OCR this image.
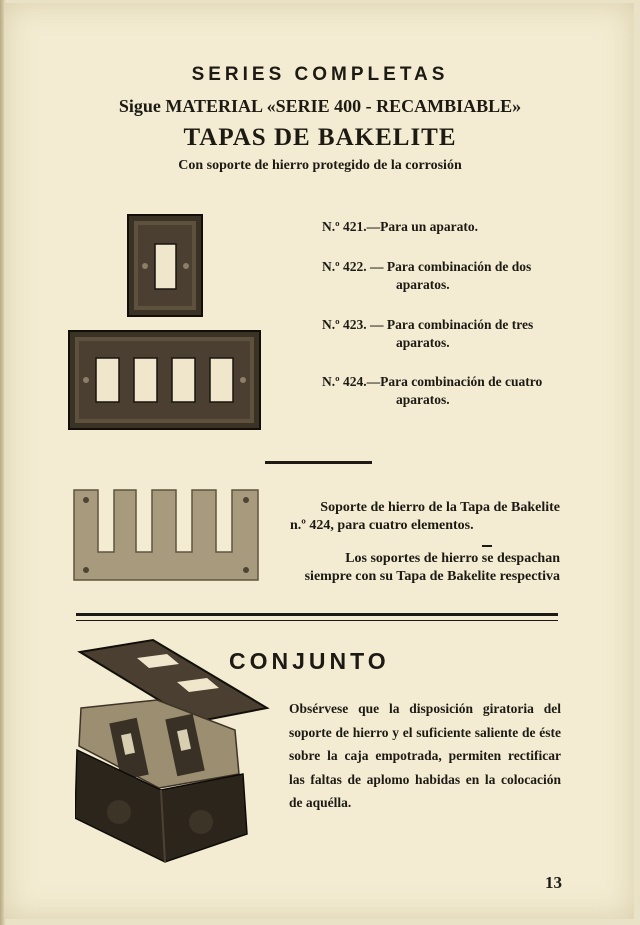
SERIES COMPLETAS
Sigue MATERIAL «SERIE 400 - RECAMBIABLE»
TAPAS DE BAKELITE
Con soporte de hierro protegido de la corrosión
N.º 421.—Para un aparato.
N.º 422. — Para combinación de dos
aparatos.
N.º 423. — Para combinación de tres
aparatos.
N.º 424.—Para combinación de cuatro
aparatos.
Soporte de hierro de la Tapa de Bakelite
n.º 424, para cuatro elementos.
Los soportes de hierro se despachan
siempre con su Tapa de Bakelite respectiva
CONJUNTO
Obsérvese que la disposición giratoria del soporte de hierro y el suficiente saliente de éste sobre la caja empotrada, permiten rectificar las faltas de aplomo habidas en la colocación de aquélla.
13
